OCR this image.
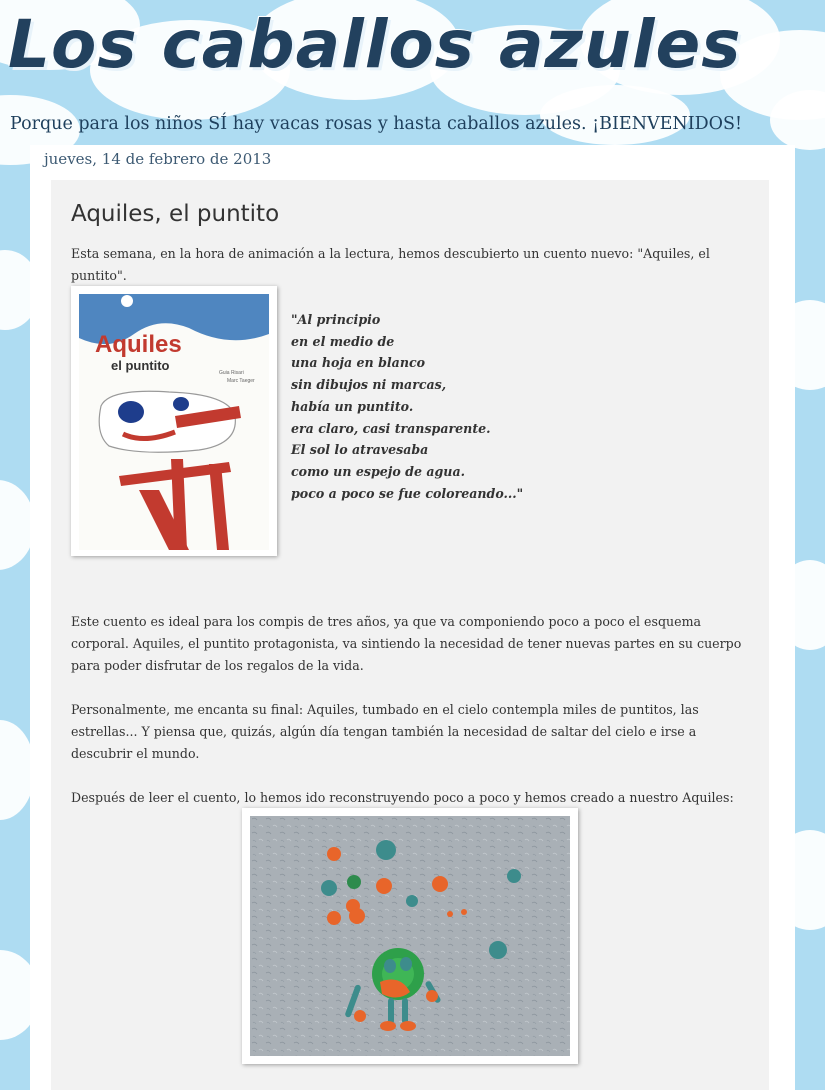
Los caballos azules

Porque para los niños SÍ hay vacas rosas y hasta caballos azules. ¡BIENVENIDOS!

jueves, 14 de febrero de 2013
Aquiles, el puntito

Esta semana, en la hora de animación a la lectura, hemos descubierto un cuento nuevo: "Aquiles, el puntito".

Aquiles
el puntito	Guia Risari
Marc Taeger
"Al principio
en el medio de
una hoja en blanco
sin dibujos ni marcas,
había un puntito.
era claro, casi transparente.
El sol lo atravesaba
como un espejo de agua.
poco a poco se fue coloreando..."

Este cuento es ideal para los compis de tres años, ya que va componiendo poco a poco el esquema corporal. Aquiles, el puntito protagonista, va sintiendo la necesidad de tener nuevas partes en su cuerpo para poder disfrutar de los regalos de la vida.

Personalmente, me encanta su final: Aquiles, tumbado en el cielo contempla miles de puntitos, las estrellas... Y piensa que, quizás, algún día tengan también la necesidad de saltar del cielo e irse a descubrir el mundo.

Después de leer el cuento, lo hemos ido reconstruyendo poco a poco y hemos creado a nuestro Aquiles:
